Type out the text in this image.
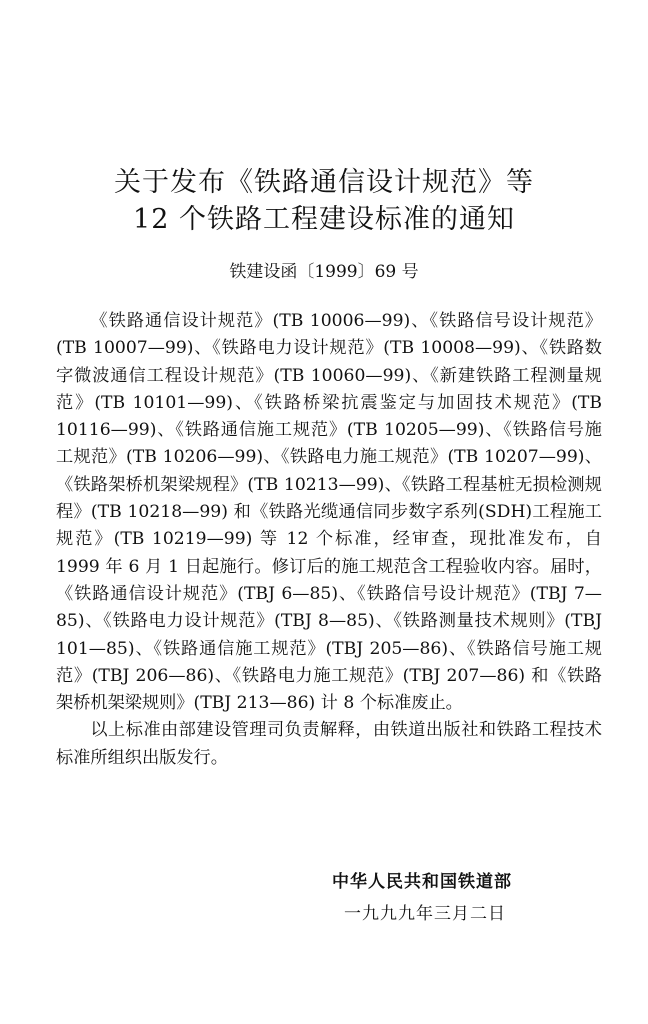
关于发布《铁路通信设计规范》等
12 个铁路工程建设标准的通知
铁建设函〔1999〕69 号

《铁路通信设计规范》(TB 10006—99)、《铁路信号设计规范》(TB 10007—99)、《铁路电力设计规范》(TB 10008—99)、《铁路数字微波通信工程设计规范》(TB 10060—99)、《新建铁路工程测量规范》(TB 10101—99)、《铁路桥梁抗震鉴定与加固技术规范》(TB 10116—99)、《铁路通信施工规范》(TB 10205—99)、《铁路信号施工规范》(TB 10206—99)、《铁路电力施工规范》(TB 10207—99)、《铁路架桥机架梁规程》(TB 10213—99)、《铁路工程基桩无损检测规程》(TB 10218—99) 和《铁路光缆通信同步数字系列(SDH)工程施工规范》(TB 10219—99) 等 12 个标准，经审查，现批准发布，自 1999 年 6 月 1 日起施行。修订后的施工规范含工程验收内容。届时，《铁路通信设计规范》(TBJ 6—85)、《铁路信号设计规范》(TBJ 7—85)、《铁路电力设计规范》(TBJ 8—85)、《铁路测量技术规则》(TBJ 101—85)、《铁路通信施工规范》(TBJ 205—86)、《铁路信号施工规范》(TBJ 206—86)、《铁路电力施工规范》(TBJ 207—86) 和《铁路架桥机架梁规则》(TBJ 213—86) 计 8 个标准废止。

以上标准由部建设管理司负责解释，由铁道出版社和铁路工程技术标准所组织出版发行。

中华人民共和国铁道部
一九九九年三月二日
